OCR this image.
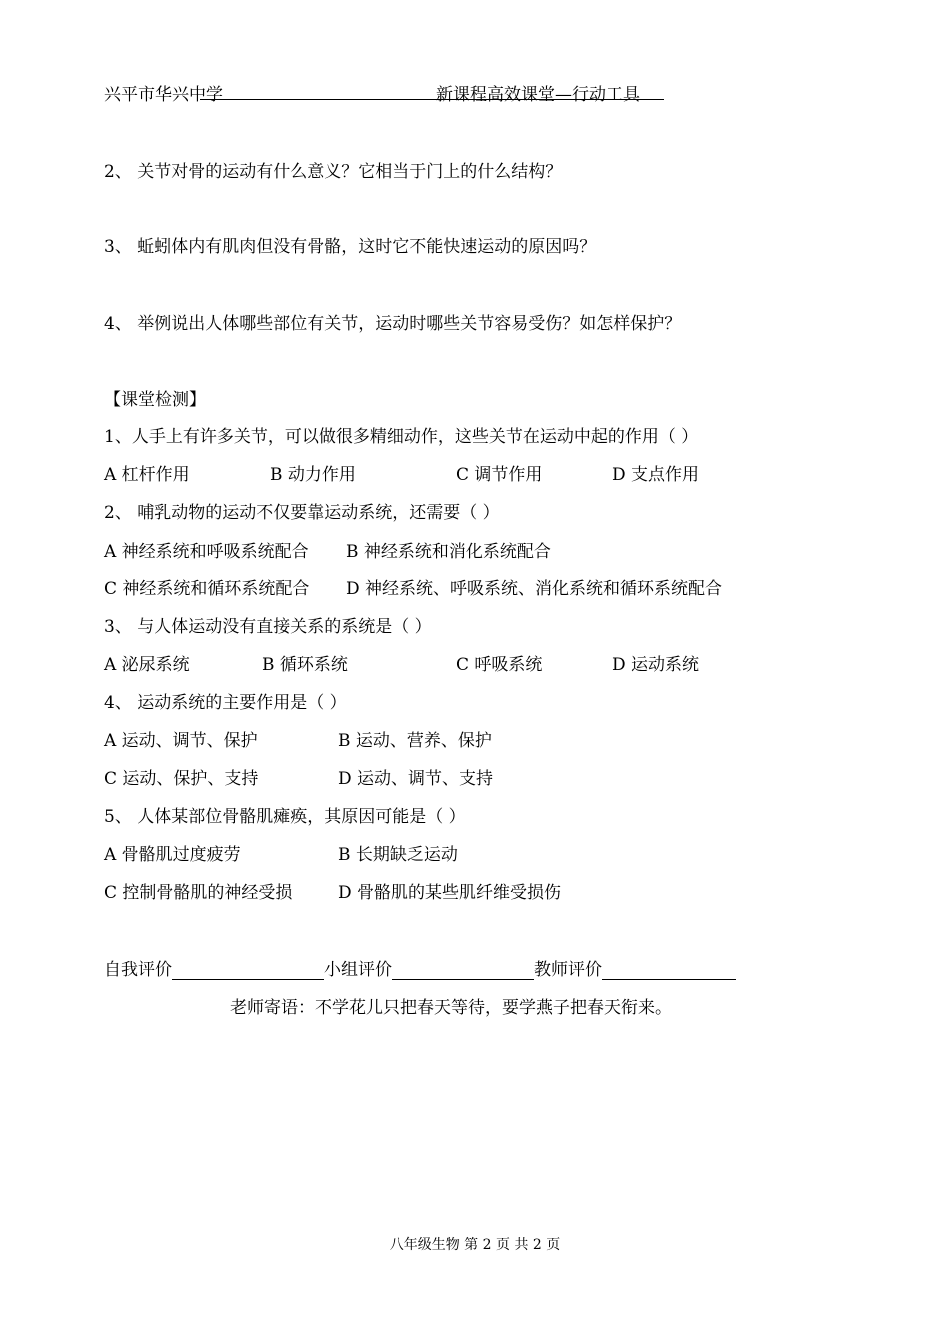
兴平市华兴中学	新课程高效课堂—行动工具
2、 关节对骨的运动有什么意义？它相当于门上的什么结构？
3、 蚯蚓体内有肌肉但没有骨骼，这时它不能快速运动的原因吗？
4、 举例说出人体哪些部位有关节，运动时哪些关节容易受伤？如怎样保护？
【课堂检测】
1、人手上有许多关节，可以做很多精细动作，这些关节在运动中起的作用（ ）
A 杠杆作用	B 动力作用	C 调节作用	D 支点作用
2、 哺乳动物的运动不仅要靠运动系统，还需要（ ）
A 神经系统和呼吸系统配合 B 神经系统和消化系统配合
C 神经系统和循环系统配合 D 神经系统、呼吸系统、消化系统和循环系统配合
3、 与人体运动没有直接关系的系统是（ ）
A 泌尿系统	B 循环系统	C 呼吸系统	D 运动系统
4、 运动系统的主要作用是（ ）
A 运动、调节、保护	B 运动、营养、保护
C 运动、保护、支持	D 运动、调节、支持
5、 人体某部位骨骼肌瘫痪，其原因可能是（ ）
A 骨骼肌过度疲劳	B 长期缺乏运动
C 控制骨骼肌的神经受损	D 骨骼肌的某些肌纤维受损伤
自我评价	小组评价	教师评价
老师寄语：不学花儿只把春天等待，要学燕子把春天衔来。
八年级生物 第 2 页 共 2 页
